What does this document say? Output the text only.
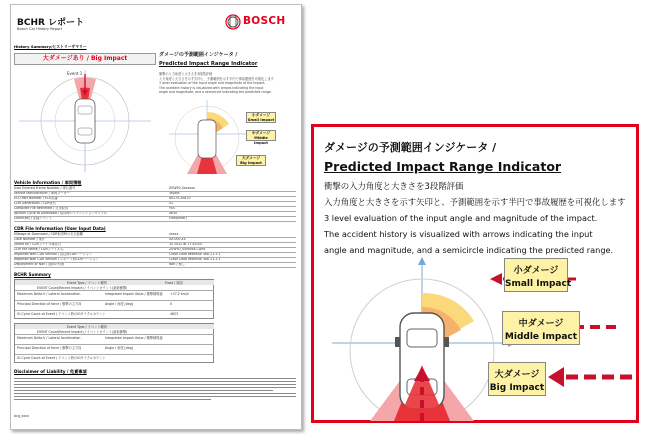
BCHR レポート
Bosch Car History Report
BOSCH
History Summary/ヒストリーサマリー
大ダメージあり / Big Impact
Event 1
ダメージの予測範囲インジケータ /
Predicted Impact Range Indicator
衝撃の入力角度と大きさを3段階評価
入力角度と大きさを示す矢印と、予測範囲を示す半円で事故履歴を可視化します
3 level evaluation of the input angle and magnitude of the impact.
The accident history is visualized with arrows indicating the input
angle and magnitude, and a semicircle indicating the predicted range.
小ダメージ
Small Impact
中ダメージ
Middle Impact
大ダメージ
Big Impact
Vehicle Information / 車両情報
User Entered Frame Number / 車台番号	ZVW50-0xxxxxx
Vehicle Manufacturer / 車両メーカー	Toyota
ECU Part Number / ECU品番	89170-2B470
CDR Generation / CDR世代	V2
Complete File Retrieved / 完全取得	YES
Ignition Cycle at Download / 取得時のイグニッションサイクル	4630
Cover(ed) / 記録イベント	Front(Rear)
CDR File Information (User Input Data)
Mileage at Download / CDR取得時の走行距離	xxxxx
Case Number / 案件	XX-000-XX
Saved on / CDRファイル保存日	35 2022 at 17:54:44
CDR File Name / CDRファイル名	ZVW50_0xxxxxx.CDRx
Imported with CDR version / 読込時CDRバージョン	Crash Data Retrieval Tool 21.3.1
Reported with CDR version / レポート時CDRバージョン	Crash Data Retrieval Tool 21.3.1
Deployment or Non / 展開の有無	Non / 無し
BCHR Summary
Event Type / イベント種別	Front / 前面
EVENT Count(Recent Impact) / イベントカウント(最新衝撃)
Maximum Delta-V / Lateral Acceleration	Integrated Impact Value / 衝撃積算値 +37.2 km/h
Principal Direction of force / 衝撃の主方向	Angle / 角度 [deg]	0
IG Cycle Count at Event / イベント時のIGサイクルカウント	4623
Event Type / イベント種別
EVENT Count(Recent Impact) / イベントカウント(最新衝撃)
Maximum Delta-V / Lateral Acceleration	Integrated Impact Value / 衝撃積算値
Principal Direction of force / 衝撃の主方向	Angle / 角度 [deg]
IG Cycle Count at Event / イベント時のIGサイクルカウント
Disclaimer of Liability / 免責事項
bcg_xxxx
ダメージの予測範囲インジケータ /
Predicted Impact Range Indicator
衝撃の入力角度と大きさを3段階評価
入力角度と大きさを示す矢印と、予測範囲を示す半円で事故履歴を可視化します
3 level evaluation of the input angle and magnitude of the impact.
The accident history is visualized with arrows indicating the input
angle and magnitude, and a semicircle indicating the predicted range.
小ダメージ
Small Impact
中ダメージ
Middle Impact
大ダメージ
Big Impact
